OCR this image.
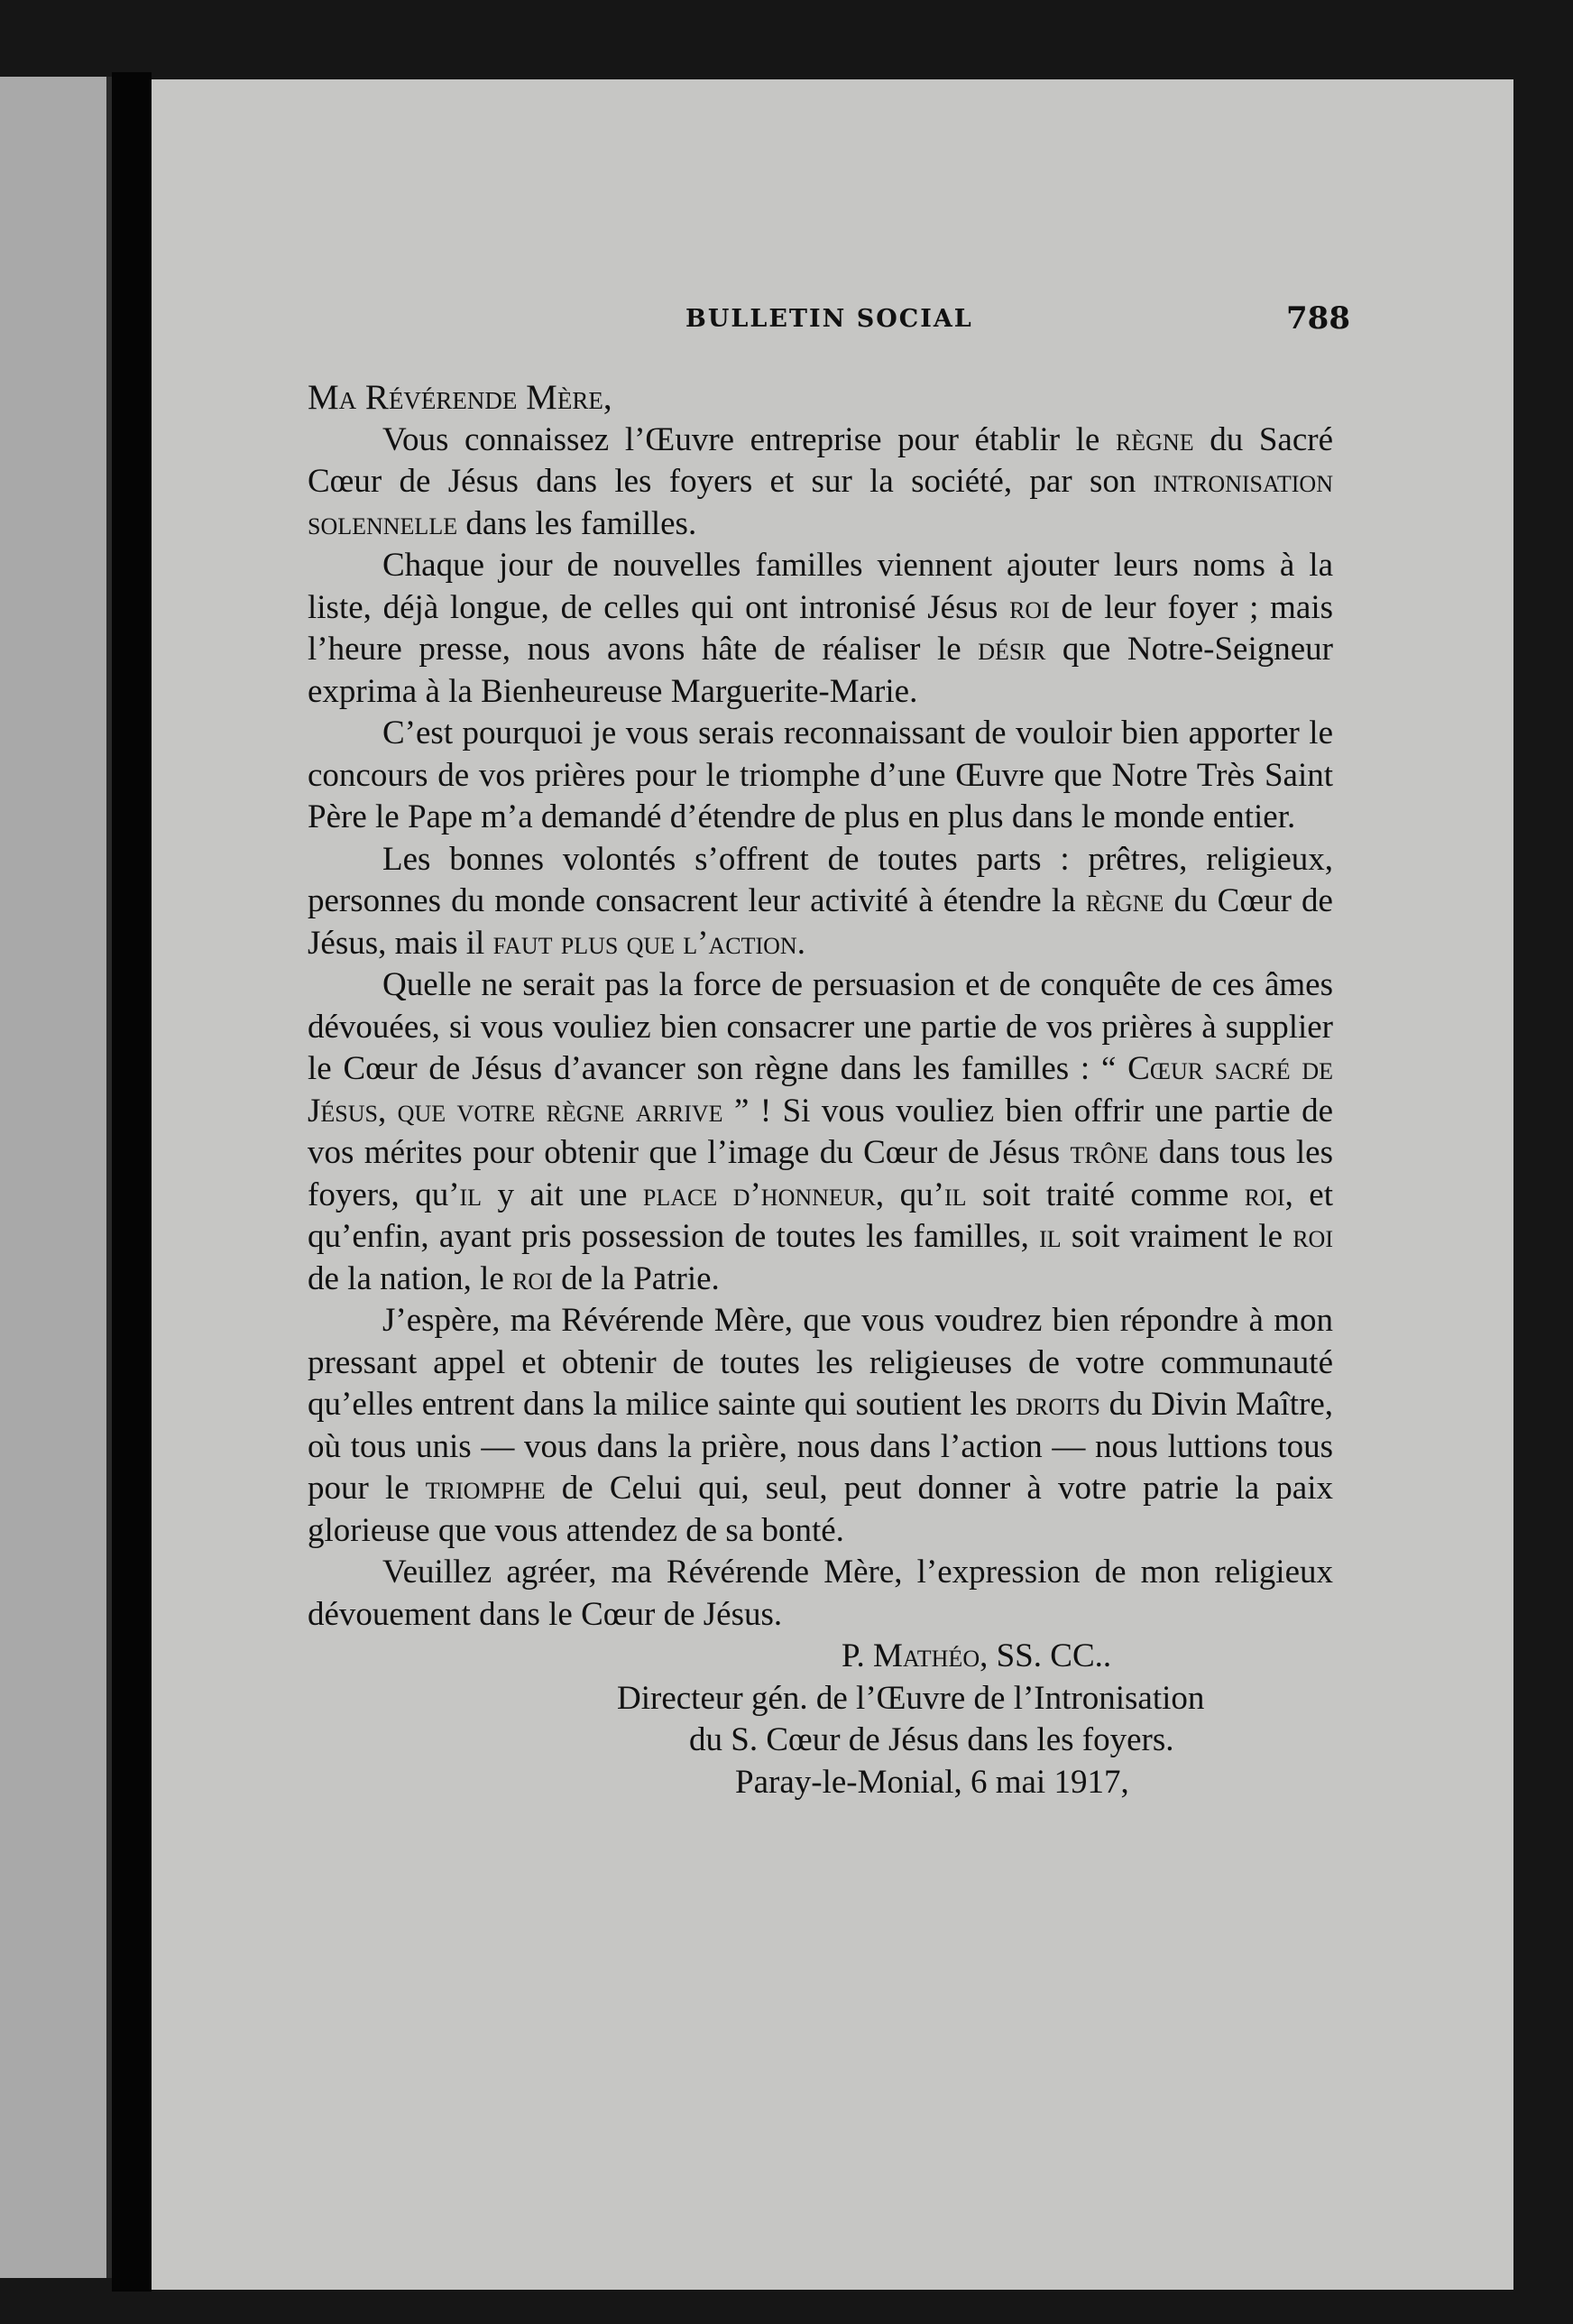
BULLETIN SOCIAL	788

Ma Révérende Mère,

Vous connaissez l’Œuvre entreprise pour établir le règne du Sacré Cœur de Jésus dans les foyers et sur la société, par son intronisation solennelle dans les familles.

Chaque jour de nouvelles familles viennent ajouter leurs noms à la liste, déjà longue, de celles qui ont intronisé Jésus roi de leur foyer ; mais l’heure presse, nous avons hâte de réaliser le désir que Notre-Seigneur exprima à la Bienheureuse Marguerite-Marie.

C’est pourquoi je vous serais reconnaissant de vouloir bien apporter le concours de vos prières pour le triomphe d’une Œuvre que Notre Très Saint Père le Pape m’a demandé d’étendre de plus en plus dans le monde entier.

Les bonnes volontés s’offrent de toutes parts : prêtres, religieux, personnes du monde consacrent leur activité à étendre la règne du Cœur de Jésus, mais il faut plus que l’action.

Quelle ne serait pas la force de persuasion et de conquête de ces âmes dévouées, si vous vouliez bien consacrer une partie de vos prières à supplier le Cœur de Jésus d’avancer son règne dans les familles : “ Cœur sacré de Jésus, que votre règne arrive ” ! Si vous vouliez bien offrir une partie de vos mérites pour obtenir que l’image du Cœur de Jésus trône dans tous les foyers, qu’il y ait une place d’honneur, qu’il soit traité comme roi, et qu’enfin, ayant pris possession de toutes les familles, il soit vraiment le roi de la nation, le roi de la Patrie.

J’espère, ma Révérende Mère, que vous voudrez bien répondre à mon pressant appel et obtenir de toutes les religieuses de votre communauté qu’elles entrent dans la milice sainte qui soutient les droits du Divin Maître, où tous unis — vous dans la prière, nous dans l’action — nous luttions tous pour le triomphe de Celui qui, seul, peut donner à votre patrie la paix glorieuse que vous attendez de sa bonté.

Veuillez agréer, ma Révérende Mère, l’expression de mon religieux dévouement dans le Cœur de Jésus.

P. Mathéo, SS. CC..

Directeur gén. de l’Œuvre de l’Intronisation

du S. Cœur de Jésus dans les foyers.

Paray-le-Monial, 6 mai 1917,
